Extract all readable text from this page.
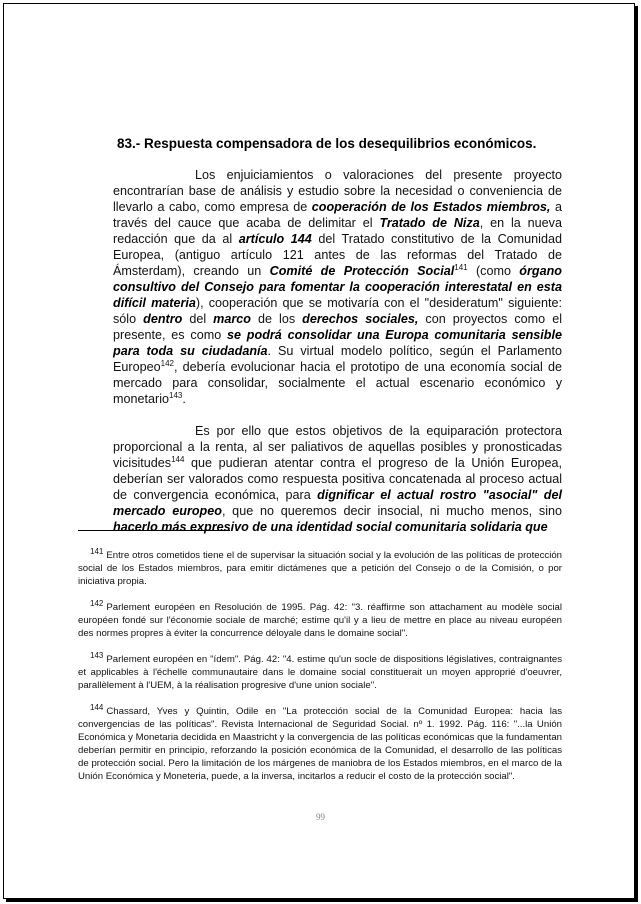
83.- Respuesta compensadora de los desequilibrios económicos.

Los enjuiciamientos o valoraciones del presente proyecto encontrarían base de análisis y estudio sobre la necesidad o conveniencia de llevarlo a cabo, como empresa de cooperación de los Estados miembros, a través del cauce que acaba de delimitar el Tratado de Niza, en la nueva redacción que da al artículo 144 del Tratado constitutivo de la Comunidad Europea, (antiguo artículo 121 antes de las reformas del Tratado de Ámsterdam), creando un Comité de Protección Social$^{141}$ (como órgano consultivo del Consejo para fomentar la cooperación interestatal en esta difícil materia), cooperación que se motivaría con el "desideratum" siguiente: sólo dentro del marco de los derechos sociales, con proyectos como el presente, es como se podrá consolidar una Europa comunitaria sensible para toda su ciudadanía. Su virtual modelo político, según el Parlamento Europeo$^{142}$, debería evolucionar hacia el prototipo de una economía social de mercado para consolidar, socialmente el actual escenario económico y monetario$^{143}$.

Es por ello que estos objetivos de la equiparación protectora proporcional a la renta, al ser paliativos de aquellas posibles y pronosticadas vicisitudes$^{144}$ que pudieran atentar contra el progreso de la Unión Europea, deberían ser valorados como respuesta positiva concatenada al proceso actual de convergencia económica, para dignificar el actual rostro "asocial" del mercado europeo, que no queremos decir insocial, ni mucho menos, sino hacerlo más expresivo de una identidad social comunitaria solidaria que

$^{141}$ Entre otros cometidos tiene el de supervisar la situación social y la evolución de las políticas de protección social de los Estados miembros, para emitir dictámenes que a petición del Consejo o de la Comisión, o por iniciativa propia.

$^{142}$ Parlement européen en Resolución de 1995. Pág. 42: "3. réaffirme son attachament au modèle social européen fondé sur l'économie sociale de marché; estime qu'il y a lieu de mettre en place au niveau européen des normes propres à éviter la concurrence déloyale dans le domaine social".

$^{143}$ Parlement européen en "ídem". Pág. 42: "4. estime qu'un socle de dispositions législatives, contraignantes et applicables à l'échelle communautaire dans le domaine social constituerait un moyen approprié d'oeuvrer, parallèlement à l'UEM, à la réalisation progresive d'une union sociale".

$^{144}$ Chassard, Yves y Quintin, Odile en "La protección social de la Comunidad Europea: hacia las convergencias de las políticas". Revista Internacional de Seguridad Social. nº 1. 1992. Pág. 116: "...la Unión Económica y Monetaria decidida en Maastricht y la convergencia de las políticas económicas que la fundamentan deberían permitir en principio, reforzando la posición económica de la Comunidad, el desarrollo de las políticas de protección social. Pero la limitación de los márgenes de maniobra de los Estados miembros, en el marco de la Unión Económica y Moneteria, puede, a la inversa, incitarlos a reducir el costo de la protección social".

99
